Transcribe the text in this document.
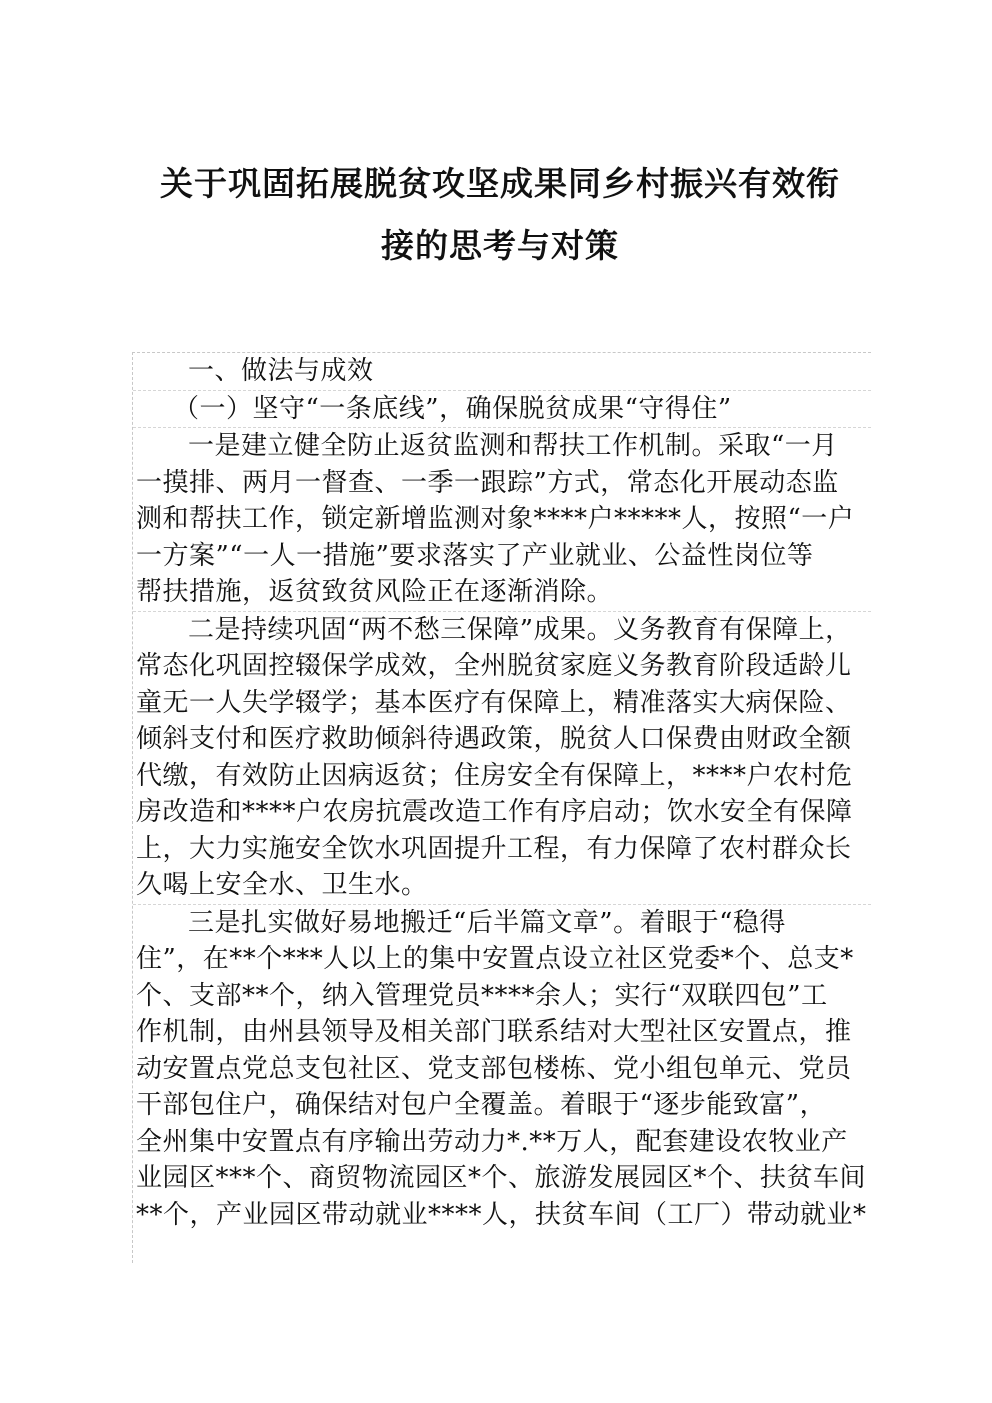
关于巩固拓展脱贫攻坚成果同乡村振兴有效衔
接的思考与对策
一、做法与成效
（一）坚守“一条底线”，确保脱贫成果“守得住”
一是建立健全防止返贫监测和帮扶工作机制。采取“一月
一摸排、两月一督查、一季一跟踪”方式，常态化开展动态监
测和帮扶工作，锁定新增监测对象****户*****人，按照“一户
一方案”“一人一措施”要求落实了产业就业、公益性岗位等
帮扶措施，返贫致贫风险正在逐渐消除。
二是持续巩固“两不愁三保障”成果。义务教育有保障上，
常态化巩固控辍保学成效，全州脱贫家庭义务教育阶段适龄儿
童无一人失学辍学；基本医疗有保障上，精准落实大病保险、
倾斜支付和医疗救助倾斜待遇政策，脱贫人口保费由财政全额
代缴，有效防止因病返贫；住房安全有保障上，****户农村危
房改造和****户农房抗震改造工作有序启动；饮水安全有保障
上，大力实施安全饮水巩固提升工程，有力保障了农村群众长
久喝上安全水、卫生水。
三是扎实做好易地搬迁“后半篇文章”。着眼于“稳得
住”，在**个***人以上的集中安置点设立社区党委*个、总支*
个、支部**个，纳入管理党员****余人；实行“双联四包”工
作机制，由州县领导及相关部门联系结对大型社区安置点，推
动安置点党总支包社区、党支部包楼栋、党小组包单元、党员
干部包住户，确保结对包户全覆盖。着眼于“逐步能致富”，
全州集中安置点有序输出劳动力*.**万人，配套建设农牧业产
业园区***个、商贸物流园区*个、旅游发展园区*个、扶贫车间
**个，产业园区带动就业****人，扶贫车间（工厂）带动就业*
